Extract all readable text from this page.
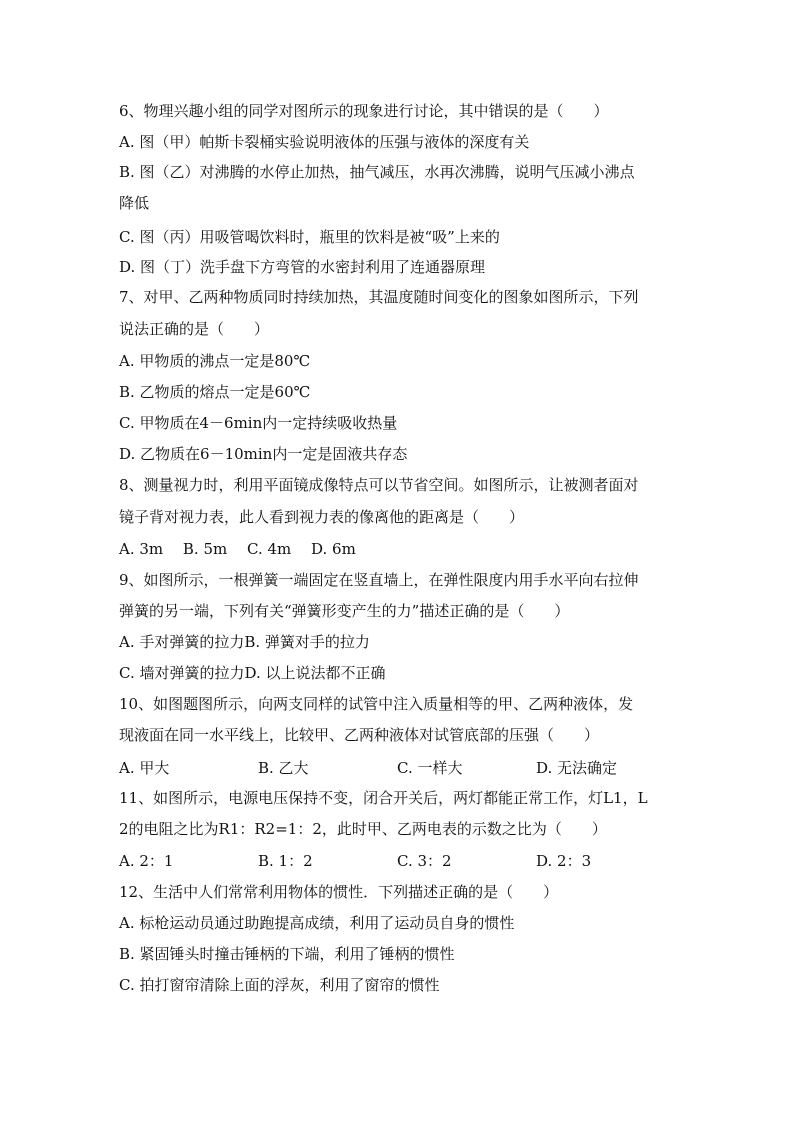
6、物理兴趣小组的同学对图所示的现象进行讨论，其中错误的是（　　）
A. 图（甲）帕斯卡裂桶实验说明液体的压强与液体的深度有关
B. 图（乙）对沸腾的水停止加热，抽气减压，水再次沸腾，说明气压减小沸点
降低
C. 图（丙）用吸管喝饮料时，瓶里的饮料是被“吸”上来的
D. 图（丁）洗手盘下方弯管的水密封利用了连通器原理
7、对甲、乙两种物质同时持续加热，其温度随时间变化的图象如图所示，下列
说法正确的是（　　）
A. 甲物质的沸点一定是80℃
B. 乙物质的熔点一定是60℃
C. 甲物质在4－6min内一定持续吸收热量
D. 乙物质在6－10min内一定是固液共存态
8、测量视力时，利用平面镜成像特点可以节省空间。如图所示，让被测者面对
镜子背对视力表，此人看到视力表的像离他的距离是（　　）
A. 3m　 B. 5m　 C. 4m　 D. 6m
9、如图所示，一根弹簧一端固定在竖直墙上，在弹性限度内用手水平向右拉伸
弹簧的另一端，下列有关“弹簧形变产生的力”描述正确的是（　　）
A. 手对弹簧的拉力B. 弹簧对手的拉力
C. 墙对弹簧的拉力D. 以上说法都不正确
10、如图题图所示，向两支同样的试管中注入质量相等的甲、乙两种液体，发
现液面在同一水平线上，比较甲、乙两种液体对试管底部的压强（　　）
A. 甲大	B. 乙大	C. 一样大	D. 无法确定
11、如图所示，电源电压保持不变，闭合开关后，两灯都能正常工作，灯L1，L
2的电阻之比为R1：R2=1：2，此时甲、乙两电表的示数之比为（　　）
A. 2：1	B. 1：2	C. 3：2	D. 2：3
12、生活中人们常常利用物体的惯性．下列描述正确的是（　　）
A. 标枪运动员通过助跑提高成绩，利用了运动员自身的惯性
B. 紧固锤头时撞击锤柄的下端，利用了锤柄的惯性
C. 拍打窗帘清除上面的浮灰，利用了窗帘的惯性
